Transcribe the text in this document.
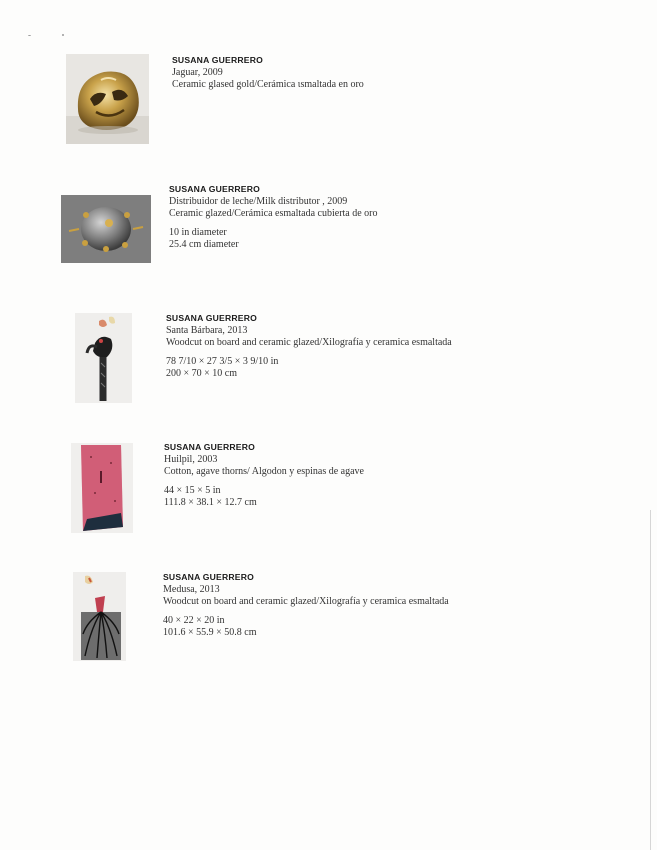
SUSANA GUERRERO
Jaguar, 2009
Ceramic glased gold/Cerámica ιsmaltada en oro
SUSANA GUERRERO
Distribuidor de leche/Milk distributor , 2009
Ceramic glazed/Cerámica esmaltada cubierta de oro
10 in diameter
25.4 cm diameter
SUSANA GUERRERO
Santa Bárbara, 2013
Woodcut on board and ceramic glazed/Xilografía y ceramica esmaltada
78 7/10 × 27 3/5 × 3 9/10 in
200 × 70 × 10 cm
SUSANA GUERRERO
Huilpil, 2003
Cotton, agave thorns/ Algodon y espinas de agave
44 × 15 × 5 in
111.8 × 38.1 × 12.7 cm
SUSANA GUERRERO
Medusa, 2013
Woodcut on board and ceramic glazed/Xilografía y ceramica esmaltada
40 × 22 × 20 in
101.6 × 55.9 × 50.8 cm
